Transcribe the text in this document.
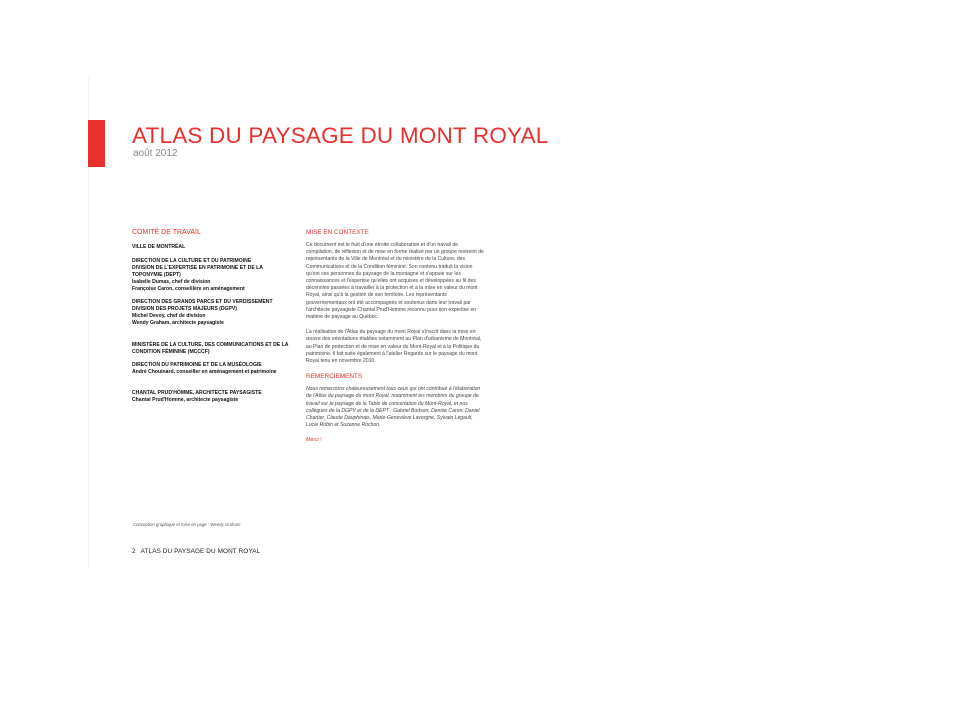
ATLAS DU PAYSAGE DU MONT ROYAL
août 2012
COMITÉ DE TRAVAIL
VILLE DE MONTRÉAL
DIRECTION DE LA CULTURE ET DU PATRIMOINE
DIVISION DE L'EXPERTISE EN PATRIMOINE ET DE LA
TOPONYMIE (DEPT)
Isabelle Dumas, chef de division
Françoise Caron, conseillère en aménagement
DIRECTION DES GRANDS PARCS ET DU VERDISSEMENT
DIVISION DES PROJETS MAJEURS (DGPV)
Michel Devoy, chef de division
Wendy Graham, architecte paysagiste
MINISTÈRE DE LA CULTURE, DES COMMUNICATIONS ET DE LA
CONDITION FÉMININE (MCCCF)
DIRECTION DU PATRIMOINE ET DE LA MUSÉOLOGIE
André Chouinard, conseiller en aménagement et patrimoine
CHANTAL PRUD'HOMME, ARCHITECTE PAYSAGISTE
Chantal Prud'Homme, architecte paysagiste
MISE EN CONTEXTE

Ce document est le fruit d'une étroite collaboration et d'un travail de compilation, de réflexion et de mise en forme réalisé par un groupe restreint de représentants de la Ville de Montréal et du ministère de la Culture, des Communications et de la Condition féminine. Son contenu traduit la vision qu'ont ces personnes du paysage de la montagne et s'appuie sur les connaissances et l'expertise qu'elles ont acquises et développées au fil des décennies passées à travailler à la protection et à la mise en valeur du mont Royal, ainsi qu'à la gestion de son territoire. Les représentants gouvernementaux ont été accompagnés et soutenus dans leur travail par l'architecte paysagiste Chantal Prud'Homme reconnu pour son expertise en matière de paysage au Québec.

La réalisation de l'Atlas du paysage du mont Royal s'inscrit dans la mise en œuvre des orientations établies notamment au Plan d'urbanisme de Montréal, au Plan de protection et de mise en valeur du Mont-Royal et à la Politique du patrimoine. Il fait suite également à l'atelier Regards sur le paysage du mont Royal tenu en novembre 2010.

REMERCIEMENTS

Nous remercions chaleureusement tous ceux qui ont contribué à l'élaboration de l'Atlas du paysage du mont Royal, notamment les membres du groupe de travail sur le paysage de la Table de concertation du Mont-Royal, et nos collègues de la DGPV et de la DEPT ; Gabriel Bodson, Denise Caron, Daniel Chartier, Claude Dauphinais, Marie-Geneviève Lavergne, Sylvain Legault, Lucie Robin et Suzanne Rochon.

Merci !
Conception graphique et mise en page : Wendy Graham
2 ATLAS DU PAYSAGE DU MONT ROYAL
